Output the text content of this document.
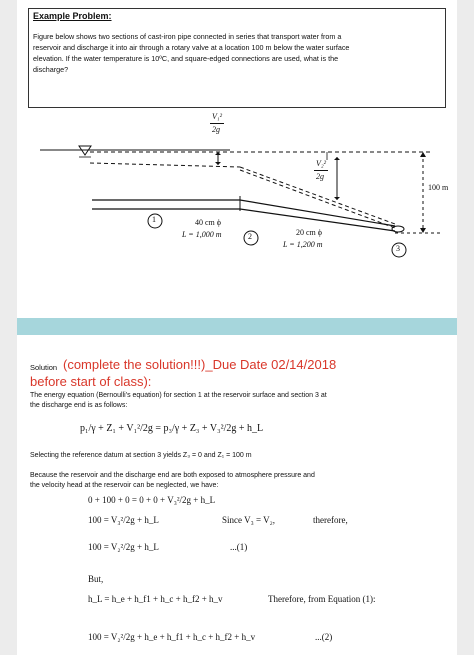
Example Problem:
Figure below shows two sections of cast-iron pipe connected in series that transport water from a
reservoir and discharge it into air through a rotary valve at a location 100 m below the water surface
elevation. If the water temperature is 10ºC, and square-edged connections are used, what is the
discharge?
V₁²
2g
V₂²
2g
100 m
40 cm ϕ
L = 1,000 m	20 cm ϕ
L = 1,200 m
1
2
3
Solution (complete the solution!!!)_Due Date 02/14/2018
before start of class):
The energy equation (Bernoulli's equation) for section 1 at the reservoir surface and section 3 at
the discharge end is as follows:
p₁/γ + Z₁ + V₁²/2g = p₃/γ + Z₃ + V₃²/2g + h_L
Selecting the reference datum at section 3 yields Z₃ = 0 and Z₁ = 100 m
Because the reservoir and the discharge end are both exposed to atmosphere pressure and
the velocity head at the reservoir can be neglected, we have:
0 + 100 + 0 = 0 + 0 + V₃²/2g + h_L
100 = V₃²/2g + h_L	Since V₃ = V₂,	therefore,
100 = V₂²/2g + h_L	...(1)
But,
h_L = h_e + h_f1 + h_c + h_f2 + h_v	Therefore, from Equation (1):
100 = V₂²/2g + h_e + h_f1 + h_c + h_f2 + h_v	...(2)
